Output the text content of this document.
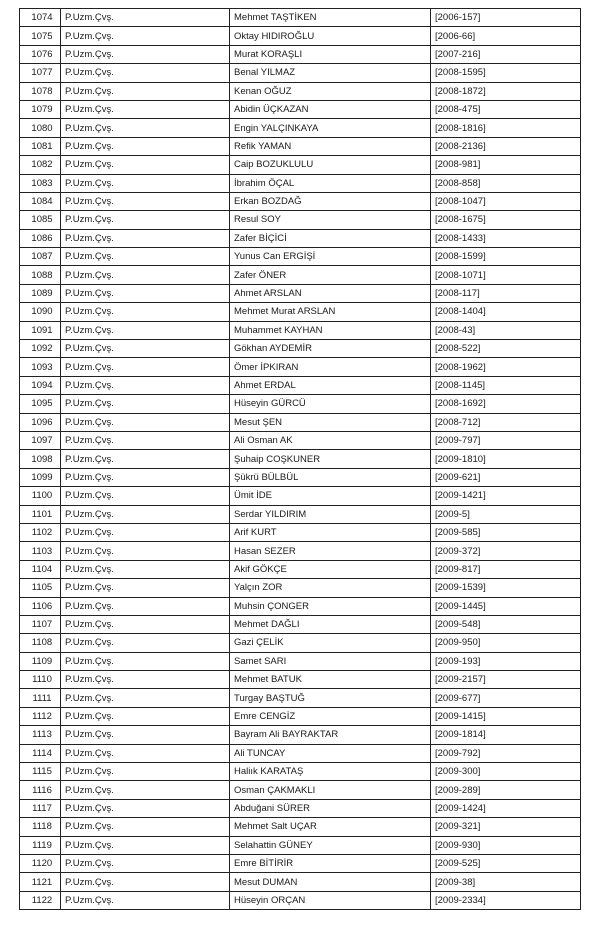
1074	P.Uzm.Çvş.	Mehmet TAŞTİKEN	[2006-157]
1075	P.Uzm.Çvş.	Oktay HIDIROĞLU	[2006-66]
1076	P.Uzm.Çvş.	Murat KORAŞLI	[2007-216]
1077	P.Uzm.Çvş.	Benal YILMAZ	[2008-1595]
1078	P.Uzm.Çvş.	Kenan OĞUZ	[2008-1872]
1079	P.Uzm.Çvş.	Abidin ÜÇKAZAN	[2008-475]
1080	P.Uzm.Çvş.	Engin YALÇINKAYA	[2008-1816]
1081	P.Uzm.Çvş.	Refik YAMAN	[2008-2136]
1082	P.Uzm.Çvş.	Caip BOZUKLULU	[2008-981]
1083	P.Uzm.Çvş.	İbrahim ÖÇAL	[2008-858]
1084	P.Uzm.Çvş.	Erkan BOZDAĞ	[2008-1047]
1085	P.Uzm.Çvş.	Resul SOY	[2008-1675]
1086	P.Uzm.Çvş.	Zafer BİÇİCİ	[2008-1433]
1087	P.Uzm.Çvş.	Yunus Can ERGİŞİ	[2008-1599]
1088	P.Uzm.Çvş.	Zafer ÖNER	[2008-1071]
1089	P.Uzm.Çvş.	Ahmet ARSLAN	[2008-117]
1090	P.Uzm.Çvş.	Mehmet Murat ARSLAN	[2008-1404]
1091	P.Uzm.Çvş.	Muhammet KAYHAN	[2008-43]
1092	P.Uzm.Çvş.	Gökhan AYDEMİR	[2008-522]
1093	P.Uzm.Çvş.	Ömer İPKIRAN	[2008-1962]
1094	P.Uzm.Çvş.	Ahmet ERDAL	[2008-1145]
1095	P.Uzm.Çvş.	Hüseyin GÜRCÜ	[2008-1692]
1096	P.Uzm.Çvş.	Mesut ŞEN	[2008-712]
1097	P.Uzm.Çvş.	Ali Osman AK	[2009-797]
1098	P.Uzm.Çvş.	Şuhaip COŞKUNER	[2009-1810]
1099	P.Uzm.Çvş.	Şükrü BÜLBÜL	[2009-621]
1100	P.Uzm.Çvş.	Ümit İDE	[2009-1421]
1101	P.Uzm.Çvş.	Serdar YILDIRIM	[2009-5]
1102	P.Uzm.Çvş.	Arif KURT	[2009-585]
1103	P.Uzm.Çvş.	Hasan SEZER	[2009-372]
1104	P.Uzm.Çvş.	Akif GÖKÇE	[2009-817]
1105	P.Uzm.Çvş.	Yalçın ZOR	[2009-1539]
1106	P.Uzm.Çvş.	Muhsin ÇONGER	[2009-1445]
1107	P.Uzm.Çvş.	Mehmet DAĞLI	[2009-548]
1108	P.Uzm.Çvş.	Gazi ÇELİK	[2009-950]
1109	P.Uzm.Çvş.	Samet SARI	[2009-193]
1110	P.Uzm.Çvş.	Mehmet BATUK	[2009-2157]
1111	P.Uzm.Çvş.	Turgay BAŞTUĞ	[2009-677]
1112	P.Uzm.Çvş.	Emre CENGİZ	[2009-1415]
1113	P.Uzm.Çvş.	Bayram Ali BAYRAKTAR	[2009-1814]
1114	P.Uzm.Çvş.	Ali TUNCAY	[2009-792]
1115	P.Uzm.Çvş.	Haliık KARATAŞ	[2009-300]
1116	P.Uzm.Çvş.	Osman ÇAKMAKLI	[2009-289]
1117	P.Uzm.Çvş.	Abduğani SÜRER	[2009-1424]
1118	P.Uzm.Çvş.	Mehmet Salt UÇAR	[2009-321]
1119	P.Uzm.Çvş.	Selahattin GÜNEY	[2009-930]
1120	P.Uzm.Çvş.	Emre BİTİRİR	[2009-525]
1121	P.Uzm.Çvş.	Mesut DUMAN	[2009-38]
1122	P.Uzm.Çvş.	Hüseyin ORÇAN	[2009-2334]
